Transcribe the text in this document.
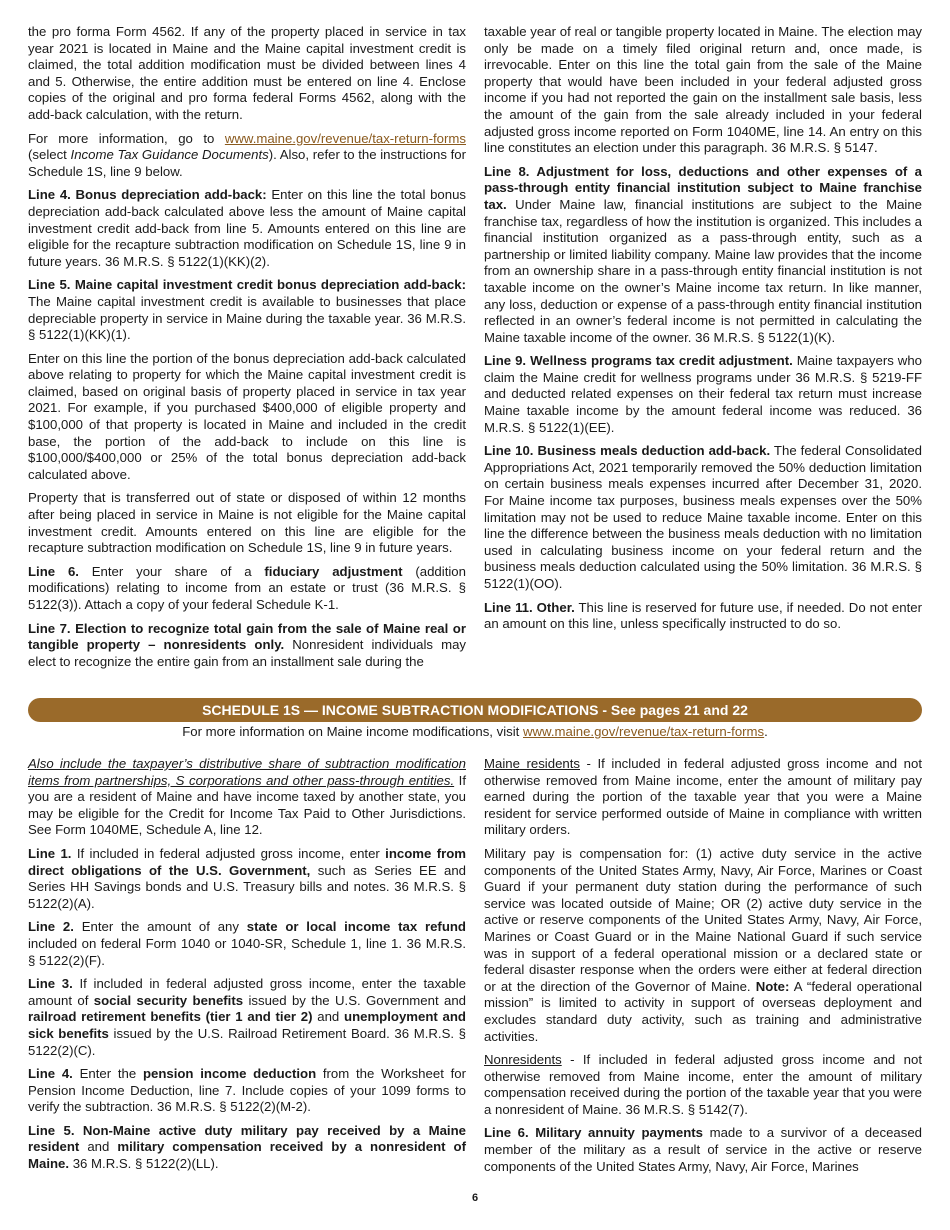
the pro forma Form 4562. If any of the property placed in service in tax year 2021 is located in Maine and the Maine capital investment credit is claimed, the total addition modification must be divided between lines 4 and 5. Otherwise, the entire addition must be entered on line 4. Enclose copies of the original and pro forma federal Forms 4562, along with the add-back calculation, with the return.

For more information, go to www.maine.gov/revenue/tax-return-forms (select Income Tax Guidance Documents). Also, refer to the instructions for Schedule 1S, line 9 below.

Line 4. Bonus depreciation add-back: Enter on this line the total bonus depreciation add-back calculated above less the amount of Maine capital investment credit add-back from line 5. Amounts entered on this line are eligible for the recapture subtraction modification on Schedule 1S, line 9 in future years. 36 M.R.S. § 5122(1)(KK)(2).

Line 5. Maine capital investment credit bonus depreciation add-back: The Maine capital investment credit is available to businesses that place depreciable property in service in Maine during the taxable year. 36 M.R.S. § 5122(1)(KK)(1).

Enter on this line the portion of the bonus depreciation add-back calculated above relating to property for which the Maine capital investment credit is claimed, based on original basis of property placed in service in tax year 2021. For example, if you purchased $400,000 of eligible property and $100,000 of that property is located in Maine and included in the credit base, the portion of the add-back to include on this line is $100,000/$400,000 or 25% of the total bonus depreciation add-back calculated above.

Property that is transferred out of state or disposed of within 12 months after being placed in service in Maine is not eligible for the Maine capital investment credit. Amounts entered on this line are eligible for the recapture subtraction modification on Schedule 1S, line 9 in future years.

Line 6. Enter your share of a fiduciary adjustment (addition modifications) relating to income from an estate or trust (36 M.R.S. § 5122(3)). Attach a copy of your federal Schedule K-1.

Line 7. Election to recognize total gain from the sale of Maine real or tangible property – nonresidents only. Nonresident individuals may elect to recognize the entire gain from an installment sale during the

taxable year of real or tangible property located in Maine. The election may only be made on a timely filed original return and, once made, is irrevocable. Enter on this line the total gain from the sale of the Maine property that would have been included in your federal adjusted gross income if you had not reported the gain on the installment sale basis, less the amount of the gain from the sale already included in your federal adjusted gross income reported on Form 1040ME, line 14. An entry on this line constitutes an election under this paragraph. 36 M.R.S. § 5147.

Line 8. Adjustment for loss, deductions and other expenses of a pass-through entity financial institution subject to Maine franchise tax. Under Maine law, financial institutions are subject to the Maine franchise tax, regardless of how the institution is organized. This includes a financial institution organized as a pass-through entity, such as a partnership or limited liability company. Maine law provides that the income from an ownership share in a pass-through entity financial institution is not taxable income on the owner’s Maine income tax return. In like manner, any loss, deduction or expense of a pass-through entity financial institution reflected in an owner’s federal income is not permitted in calculating the Maine taxable income of the owner. 36 M.R.S. § 5122(1)(K).

Line 9. Wellness programs tax credit adjustment. Maine taxpayers who claim the Maine credit for wellness programs under 36 M.R.S. § 5219-FF and deducted related expenses on their federal tax return must increase Maine taxable income by the amount federal income was reduced. 36 M.R.S. § 5122(1)(EE).

Line 10. Business meals deduction add-back. The federal Consolidated Appropriations Act, 2021 temporarily removed the 50% deduction limitation on certain business meals expenses incurred after December 31, 2020. For Maine income tax purposes, business meals expenses over the 50% limitation may not be used to reduce Maine taxable income. Enter on this line the difference between the business meals deduction with no limitation used in calculating business income on your federal return and the business meals deduction calculated using the 50% limitation. 36 M.R.S. § 5122(1)(OO).

Line 11. Other. This line is reserved for future use, if needed. Do not enter an amount on this line, unless specifically instructed to do so.

SCHEDULE 1S — INCOME SUBTRACTION MODIFICATIONS - See pages 21 and 22
For more information on Maine income modifications, visit www.maine.gov/revenue/tax-return-forms.

Also include the taxpayer’s distributive share of subtraction modification items from partnerships, S corporations and other pass-through entities. If you are a resident of Maine and have income taxed by another state, you may be eligible for the Credit for Income Tax Paid to Other Jurisdictions. See Form 1040ME, Schedule A, line 12.

Line 1. If included in federal adjusted gross income, enter income from direct obligations of the U.S. Government, such as Series EE and Series HH Savings bonds and U.S. Treasury bills and notes. 36 M.R.S. § 5122(2)(A).

Line 2. Enter the amount of any state or local income tax refund included on federal Form 1040 or 1040-SR, Schedule 1, line 1. 36 M.R.S. § 5122(2)(F).

Line 3. If included in federal adjusted gross income, enter the taxable amount of social security benefits issued by the U.S. Government and railroad retirement benefits (tier 1 and tier 2) and unemployment and sick benefits issued by the U.S. Railroad Retirement Board. 36 M.R.S. § 5122(2)(C).

Line 4. Enter the pension income deduction from the Worksheet for Pension Income Deduction, line 7. Include copies of your 1099 forms to verify the subtraction. 36 M.R.S. § 5122(2)(M-2).

Line 5. Non-Maine active duty military pay received by a Maine resident and military compensation received by a nonresident of Maine. 36 M.R.S. § 5122(2)(LL).

Maine residents - If included in federal adjusted gross income and not otherwise removed from Maine income, enter the amount of military pay earned during the portion of the taxable year that you were a Maine resident for service performed outside of Maine in compliance with written military orders.

Military pay is compensation for: (1) active duty service in the active components of the United States Army, Navy, Air Force, Marines or Coast Guard if your permanent duty station during the performance of such service was located outside of Maine; OR (2) active duty service in the active or reserve components of the United States Army, Navy, Air Force, Marines or Coast Guard or in the Maine National Guard if such service was in support of a federal operational mission or a declared state or federal disaster response when the orders were either at federal direction or at the direction of the Governor of Maine. Note: A “federal operational mission” is limited to activity in support of overseas deployment and excludes standard duty activity, such as training and administrative activities.

Nonresidents - If included in federal adjusted gross income and not otherwise removed from Maine income, enter the amount of military compensation received during the portion of the taxable year that you were a nonresident of Maine. 36 M.R.S. § 5142(7).

Line 6. Military annuity payments made to a survivor of a deceased member of the military as a result of service in the active or reserve components of the United States Army, Navy, Air Force, Marines

6
